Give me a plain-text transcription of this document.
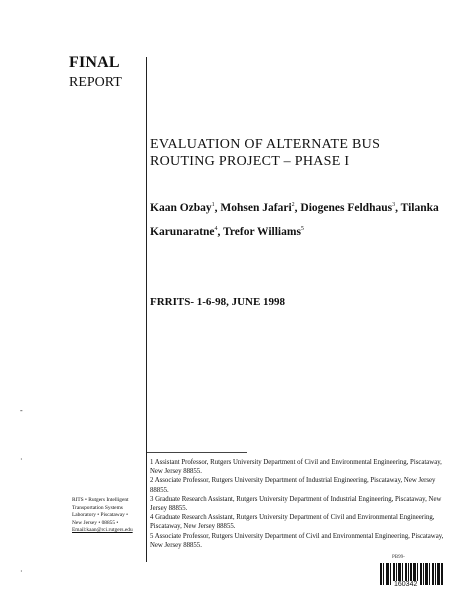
FINAL
REPORT
EVALUATION OF ALTERNATE BUS
ROUTING PROJECT – PHASE I
Kaan Ozbay$^1$, Mohsen Jafari$^2$, Diogenes Feldhaus$^3$, Tilanka
Karunaratne$^4$, Trefor Williams$^5$
FRRITS- 1-6-98, JUNE 1998
-
·
·
1 Assistant Professor, Rutgers University Department of Civil and Environmental Engineering, Piscataway, New Jersey 88855.
2 Associate Professor, Rutgers University Department of Industrial Engineering, Piscataway, New Jersey 88855.
3 Graduate Research Assistant, Rutgers University Department of Industrial Engineering, Piscataway, New Jersey 88855.
4 Graduate Research Assistant, Rutgers University Department of Civil and Environmental Engineering, Piscataway, New Jersey 88855.
5 Associate Professor, Rutgers University Department of Civil and Environmental Engineering, Piscataway, New Jersey 88855.
RITS • Rutgers Intelligent
Transportation Systems
Laboratory • Piscataway •
New Jersey • 08855 •
Email:kaan@rci.rutgers.edu
PB99-
160342
